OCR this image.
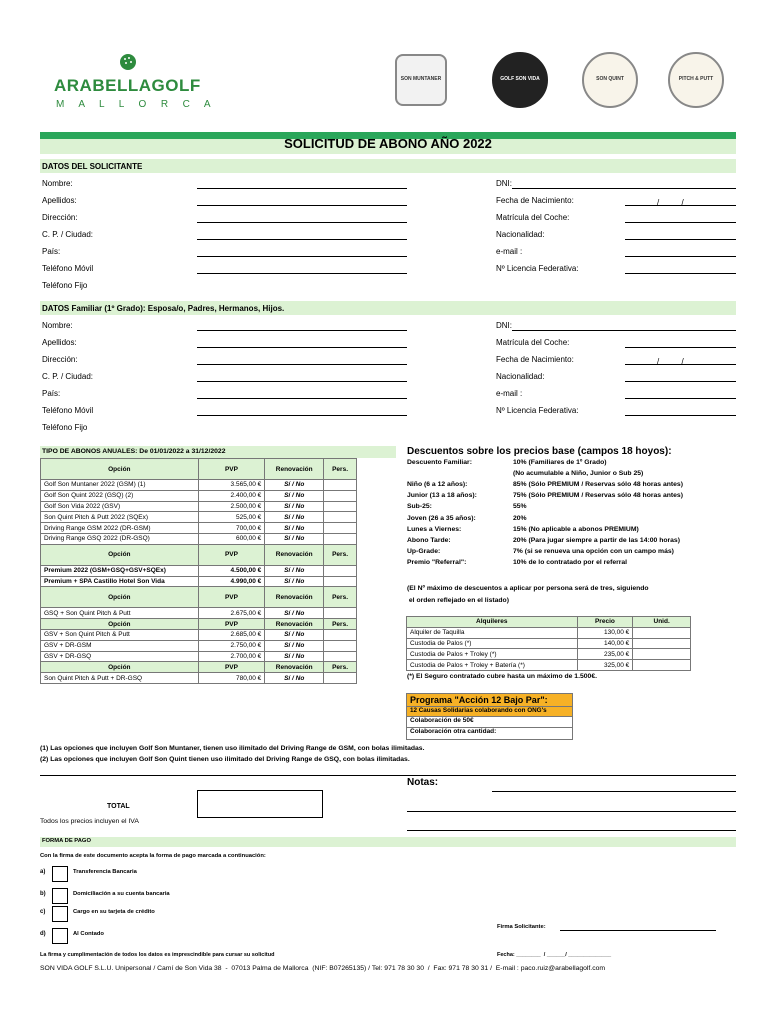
ARABELLAGOLF
M  A  L  L  O  R  C  A
SON MUNTANER	GOLF SON VIDA	SON QUINT	PITCH & PUTT
SOLICITUD DE ABONO AÑO 2022
DATOS DEL SOLICITANTE
DATOS Familiar (1º Grado): Esposa/o, Padres, Hermanos, Hijos.
Nombre:
Apellidos:
Dirección:
C. P. / Ciudad:
País:
Teléfono Móvil
Teléfono Fijo
DNI:
Fecha de Nacimiento:	/          /
Matrícula del Coche:
Nacionalidad:
e-mail :
Nº Licencia Federativa:
Nombre:
Apellidos:
Dirección:
C. P. / Ciudad:
País:
Teléfono Móvil
Teléfono Fijo
DNI:
Matrícula del Coche:
Fecha de Nacimiento:	/          /
Nacionalidad:
e-mail :
Nº Licencia Federativa:
TIPO DE ABONOS ANUALES: De 01/01/2022 a 31/12/2022
Opción	PVP	Renovación	Pers.
Golf Son Muntaner 2022 (GSM) (1)	3.565,00 €	Sí / No	
Golf Son Quint 2022 (GSQ) (2)	2.400,00 €	Sí / No	
Golf Son Vida 2022 (GSV)	2.500,00 €	Sí / No	
Son Quint Pitch & Putt 2022 (SQEx)	525,00 €	Sí / No	
Driving Range GSM 2022 (DR-GSM)	700,00 €	Sí / No	
Driving Range GSQ 2022 (DR-GSQ)	600,00 €	Sí / No	
Opción	PVP	Renovación	Pers.
Premium 2022 (GSM+GSQ+GSV+SQEx)	4.500,00 €	Sí / No	
Premium + SPA Castillo Hotel Son Vida	4.990,00 €	Sí / No	
Opción	PVP	Renovación	Pers.
GSQ + Son Quint Pitch & Putt	2.675,00 €	Sí / No	
Opción	PVP	Renovación	Pers.
GSV + Son Quint Pitch & Putt	2.685,00 €	Sí / No	
GSV + DR-GSM	2.750,00 €	Sí / No	
GSV + DR-GSQ	2.700,00 €	Sí / No	
Opción	PVP	Renovación	Pers.
Son Quint Pitch & Putt + DR-GSQ	780,00 €	Sí / No	
Descuentos sobre los precios base (campos 18 hoyos):
Descuento Familiar:	10% (Familiares de 1º Grado)
(No acumulable a Niño, Junior o Sub 25)
Niño (6 a 12 años):	85% (Sólo PREMIUM / Reservas sólo 48 horas antes)
Junior (13 a 18 años):	75% (Sólo PREMIUM / Reservas sólo 48 horas antes)
Sub-25:	55%
Joven (26 a 35 años):	20%
Lunes a Viernes:	15% (No aplicable a abonos PREMIUM)
Abono Tarde:	20% (Para jugar siempre a partir de las 14:00 horas)
Up-Grade:	7% (si se renueva una opción con un campo más)
Premio "Referral":	10% de lo contratado por el referral
(El Nº máximo de descuentos a aplicar por persona será de tres, siguiendo
el orden reflejado en el listado)
Alquileres	Precio	Unid.
Alquiler de Taquilla	130,00 €	
Custodia de Palos (*)	140,00 €	
Custodia de Palos + Troley (*)	235,00 €	
Custodia de Palos + Troley + Batería (*)	325,00 €	
(*) El Seguro contratado cubre hasta un máximo de 1.500€.
Programa "Acción 12 Bajo Par":
12 Causas Solidarias colaborando con ONG's
Colaboración de 50€
Colaboración otra cantidad:
(1) Las opciones que incluyen Golf Son Muntaner, tienen uso ilimitado del Driving Range de GSM, con bolas ilimitadas.
(2) Las opciones que incluyen Golf Son Quint tienen uso ilimitado del Driving Range de GSQ, con bolas ilimitadas.
Notas:
TOTAL
Todos los precios incluyen el IVA
FORMA DE PAGO
Con la firma de este documento acepta la forma de pago marcada a continuación:
a)	Transferencia Bancaria
b)	Domiciliación a su cuenta bancaria
c)	Cargo en su tarjeta de crédito
d)	Al Contado
Firma Solicitante:
La firma y cumplimentación de todos los datos es imprescindible para cursar su solicitud	Fecha: ________  / ______/ ______________
SON VIDA GOLF S.L.U. Unipersonal / Camí de Son Vida 38  -  07013 Palma de Mallorca  (NIF: B07265135) / Tel: 971 78 30 30  /  Fax: 971 78 30 31 /  E-mail : paco.ruiz@arabellagolf.com
